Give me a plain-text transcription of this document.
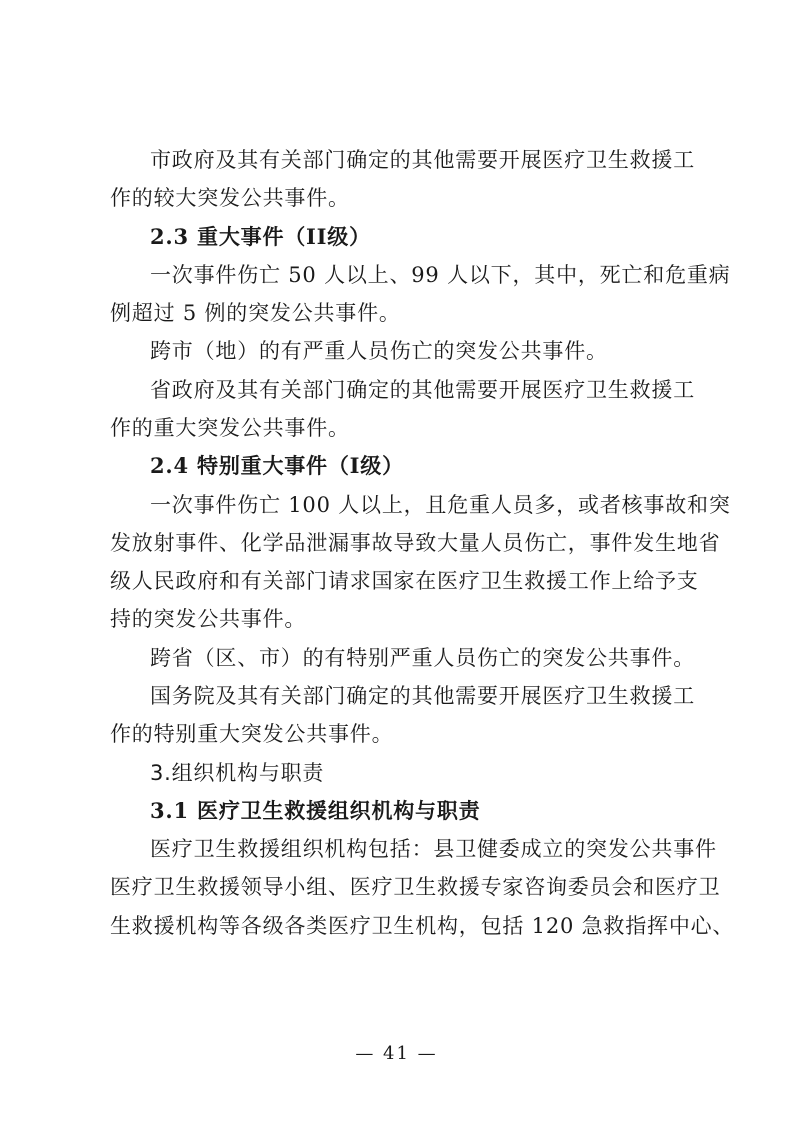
市政府及其有关部门确定的其他需要开展医疗卫生救援工
作的较大突发公共事件。
2.3 重大事件（II级）
一次事件伤亡 50 人以上、99 人以下，其中，死亡和危重病
例超过 5 例的突发公共事件。
跨市（地）的有严重人员伤亡的突发公共事件。
省政府及其有关部门确定的其他需要开展医疗卫生救援工
作的重大突发公共事件。
2.4 特别重大事件（I级）
一次事件伤亡 100 人以上，且危重人员多，或者核事故和突
发放射事件、化学品泄漏事故导致大量人员伤亡，事件发生地省
级人民政府和有关部门请求国家在医疗卫生救援工作上给予支
持的突发公共事件。
跨省（区、市）的有特别严重人员伤亡的突发公共事件。
国务院及其有关部门确定的其他需要开展医疗卫生救援工
作的特别重大突发公共事件。
3.组织机构与职责
3.1 医疗卫生救援组织机构与职责
医疗卫生救援组织机构包括：县卫健委成立的突发公共事件
医疗卫生救援领导小组、医疗卫生救援专家咨询委员会和医疗卫
生救援机构等各级各类医疗卫生机构，包括 120 急救指挥中心、
— 41 —
